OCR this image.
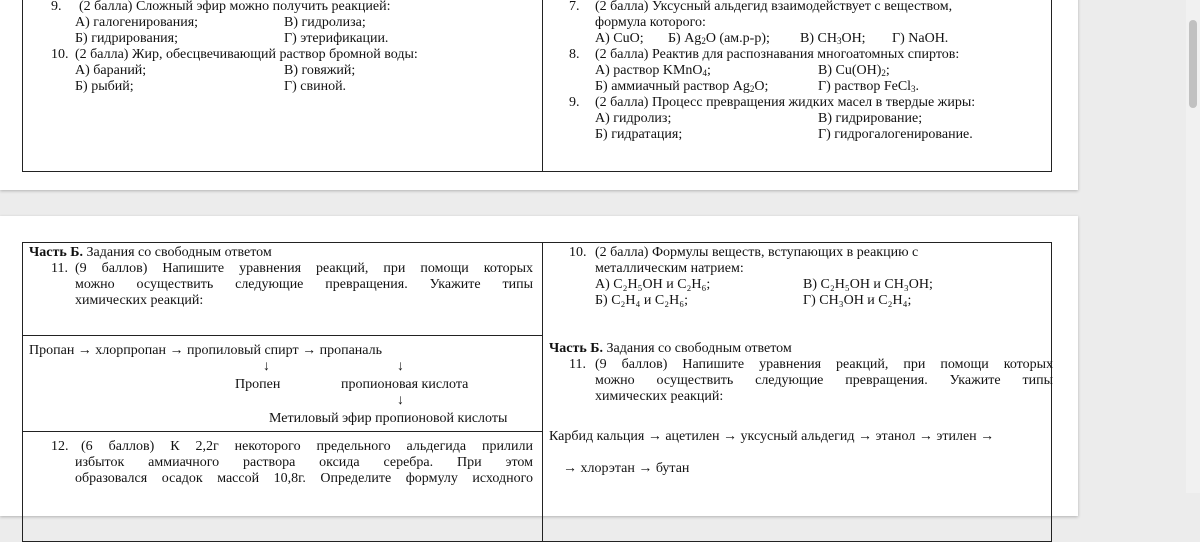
9. (2 балла) Сложный эфир можно получить реакцией:
А) галогенирования;	В) гидролиза;
Б) гидрирования;	Г) этерификации.
10. (2 балла) Жир, обесцвечивающий раствор бромной воды:
А) бараний;	В) говяжий;
Б) рыбий;	Г) свиной.
7. (2 балла) Уксусный альдегид взаимодействует с веществом,
формула которого:
А) CuO; Б) $Ag_2O$ (ам.р-р); В) $CH_3OH$; Г) NaOH.
8. (2 балла) Реактив для распознавания многоатомных спиртов:
А) раствор KMnO$_4$;	В) $Cu(OH)_2$;
Б) аммиачный раствор $Ag_2O$;	Г) раствор FeCl$_3$.
9. (2 балла) Процесс превращения жидких масел в твердые жиры:
А) гидролиз;	В) гидрирование;
Б) гидратация;	Г) гидрогалогенирование.
Часть Б. Задания со свободным ответом
11. (9 баллов) Напишите уравнения реакций, при помощи которых
можно осуществить следующие превращения. Укажите типы
химических реакций:
Пропан → хлорпропан → пропиловый спирт → пропаналь
↓	↓
Пропен	пропионовая кислота
↓
Метиловый эфир пропионовой кислоты
12. (6 баллов) К 2,2г некоторого предельного альдегида прилили
избыток аммиачного раствора оксида серебра. При этом
образовался осадок массой 10,8г. Определите формулу исходного
10. (2 балла) Формулы веществ, вступающих в реакцию с
металлическим натрием:
А) C₂H₅OH и C₂H₆;	В) C₂H₅OH и CH₃OH;
Б) C₂H₄ и C₂H₆;	Г) CH₃OH и C₂H₄;
Часть Б. Задания со свободным ответом
11. (9 баллов) Напишите уравнения реакций, при помощи которых
можно осуществить следующие превращения. Укажите типы
химических реакций:
Карбид кальция → ацетилен → уксусный альдегид → этанол → этилен →
→ хлорэтан → бутан
